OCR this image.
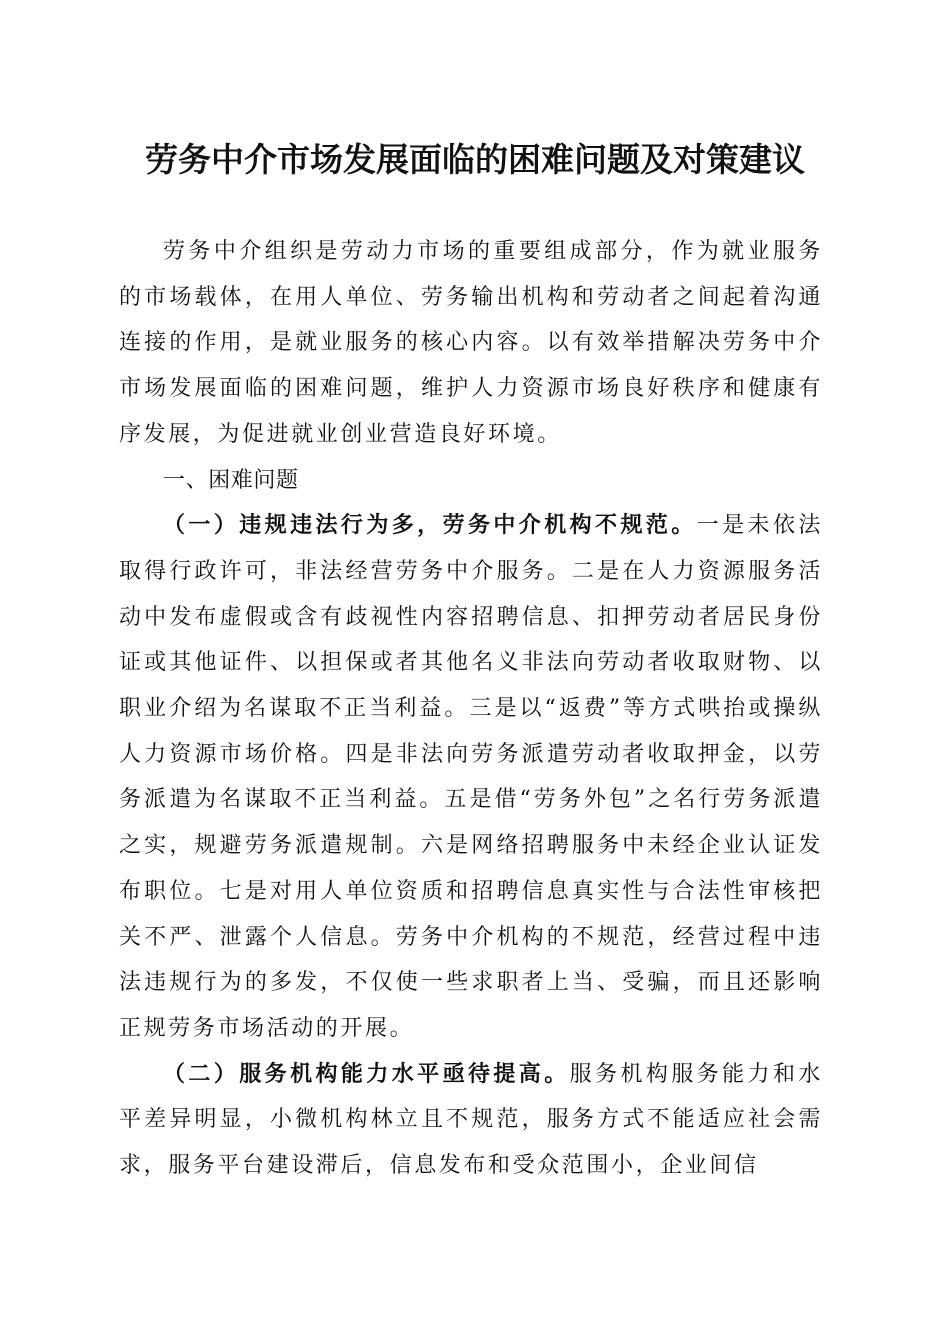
劳务中介市场发展面临的困难问题及对策建议

劳务中介组织是劳动力市场的重要组成部分，作为就业服务的市场载体，在用人单位、劳务输出机构和劳动者之间起着沟通连接的作用，是就业服务的核心内容。以有效举措解决劳务中介市场发展面临的困难问题，维护人力资源市场良好秩序和健康有序发展，为促进就业创业营造良好环境。

一、困难问题

（一）违规违法行为多，劳务中介机构不规范。一是未依法取得行政许可，非法经营劳务中介服务。二是在人力资源服务活动中发布虚假或含有歧视性内容招聘信息、扣押劳动者居民身份证或其他证件、以担保或者其他名义非法向劳动者收取财物、以职业介绍为名谋取不正当利益。三是以“返费”等方式哄抬或操纵人力资源市场价格。四是非法向劳务派遣劳动者收取押金，以劳务派遣为名谋取不正当利益。五是借“劳务外包”之名行劳务派遣之实，规避劳务派遣规制。六是网络招聘服务中未经企业认证发布职位。七是对用人单位资质和招聘信息真实性与合法性审核把关不严、泄露个人信息。劳务中介机构的不规范，经营过程中违法违规行为的多发，不仅使一些求职者上当、受骗，而且还影响正规劳务市场活动的开展。

（二）服务机构能力水平亟待提高。服务机构服务能力和水平差异明显，小微机构林立且不规范，服务方式不能适应社会需求，服务平台建设滞后，信息发布和受众范围小，企业间信
